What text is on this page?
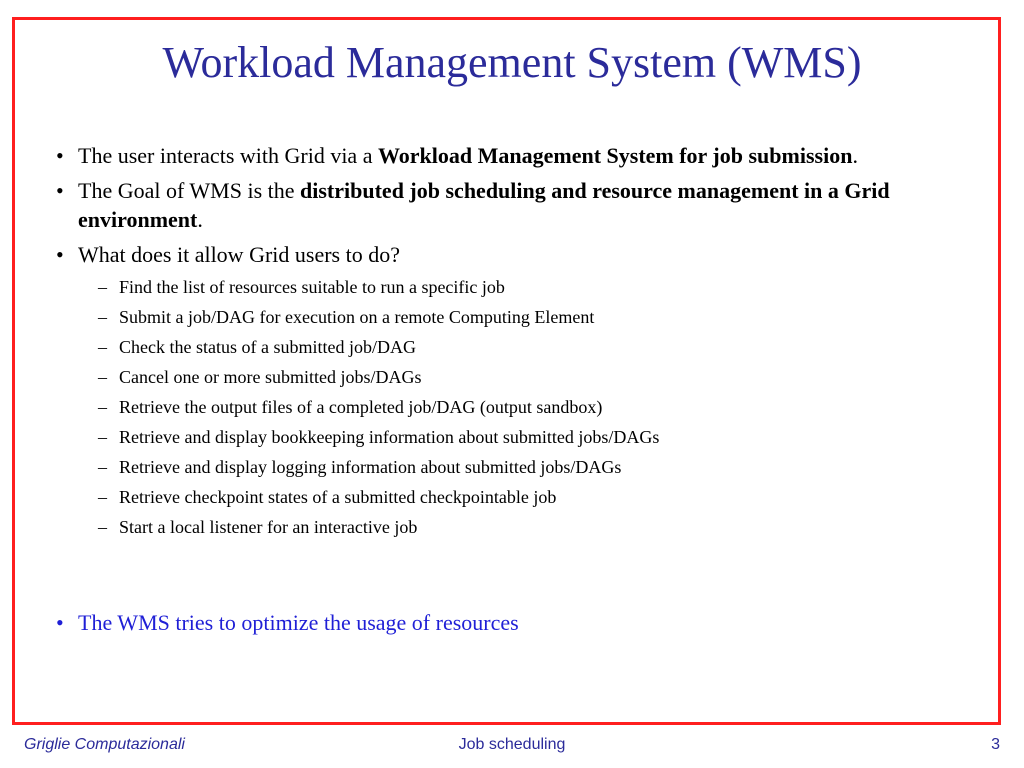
Workload Management System (WMS)
• The user interacts with Grid via a Workload Management System for job submission.
• The Goal of WMS is the distributed job scheduling and resource management in a Grid environment.
• What does it allow Grid users to do?
– Find the list of resources suitable to run a specific job
– Submit a job/DAG for execution on a remote Computing Element
– Check the status of a submitted job/DAG
– Cancel one or more submitted jobs/DAGs
– Retrieve the output files of a completed job/DAG (output sandbox)
– Retrieve and display bookkeeping information about submitted jobs/DAGs
– Retrieve and display logging information about submitted jobs/DAGs
– Retrieve checkpoint states of a submitted checkpointable job
– Start a local listener for an interactive job
• The WMS tries to optimize the usage of resources
Griglie Computazionali	Job scheduling	3
